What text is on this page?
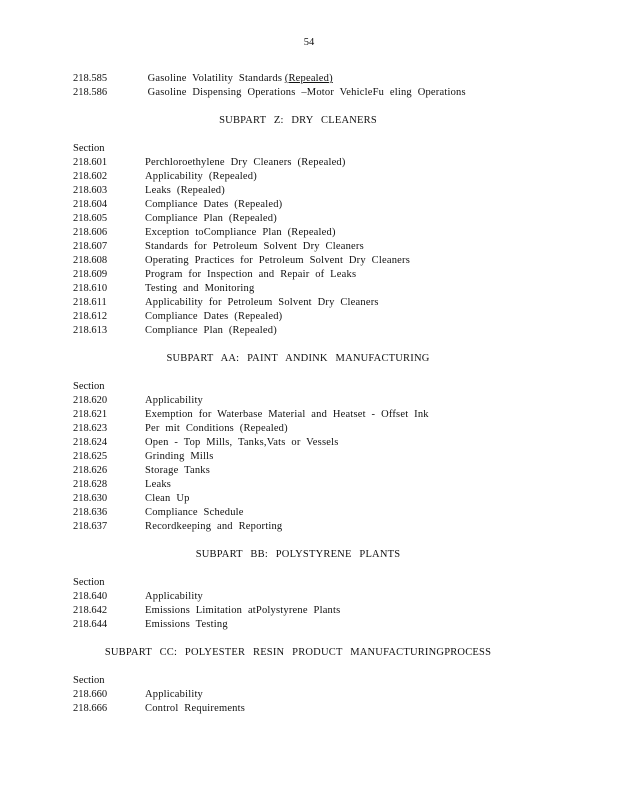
54
218.585	Gasoline Volatility Standards (Repealed)
218.586	Gasoline Dispensing Operations –Motor VehicleFu eling Operations
SUBPART Z: DRY CLEANERS
Section
218.601	Perchloroethylene Dry Cleaners (Repealed)
218.602	Applicability (Repealed)
218.603	Leaks (Repealed)
218.604	Compliance Dates (Repealed)
218.605	Compliance Plan (Repealed)
218.606	Exception toCompliance Plan (Repealed)
218.607	Standards for Petroleum Solvent Dry Cleaners
218.608	Operating Practices for Petroleum Solvent Dry Cleaners
218.609	Program for Inspection and Repair of Leaks
218.610	Testing and Monitoring
218.611	Applicability for Petroleum Solvent Dry Cleaners
218.612	Compliance Dates (Repealed)
218.613	Compliance Plan (Repealed)
SUBPART AA: PAINT ANDINK MANUFACTURING
Section
218.620	Applicability
218.621	Exemption for Waterbase Material and Heatset - Offset Ink
218.623	Per mit Conditions (Repealed)
218.624	Open - Top Mills, Tanks,Vats or Vessels
218.625	Grinding Mills
218.626	Storage Tanks
218.628	Leaks
218.630	Clean Up
218.636	Compliance Schedule
218.637	Recordkeeping and Reporting
SUBPART BB: POLYSTYRENE PLANTS
Section
218.640	Applicability
218.642	Emissions Limitation atPolystyrene Plants
218.644	Emissions Testing
SUBPART CC: POLYESTER RESIN PRODUCT MANUFACTURINGPROCESS
Section
218.660	Applicability
218.666	Control Requirements
